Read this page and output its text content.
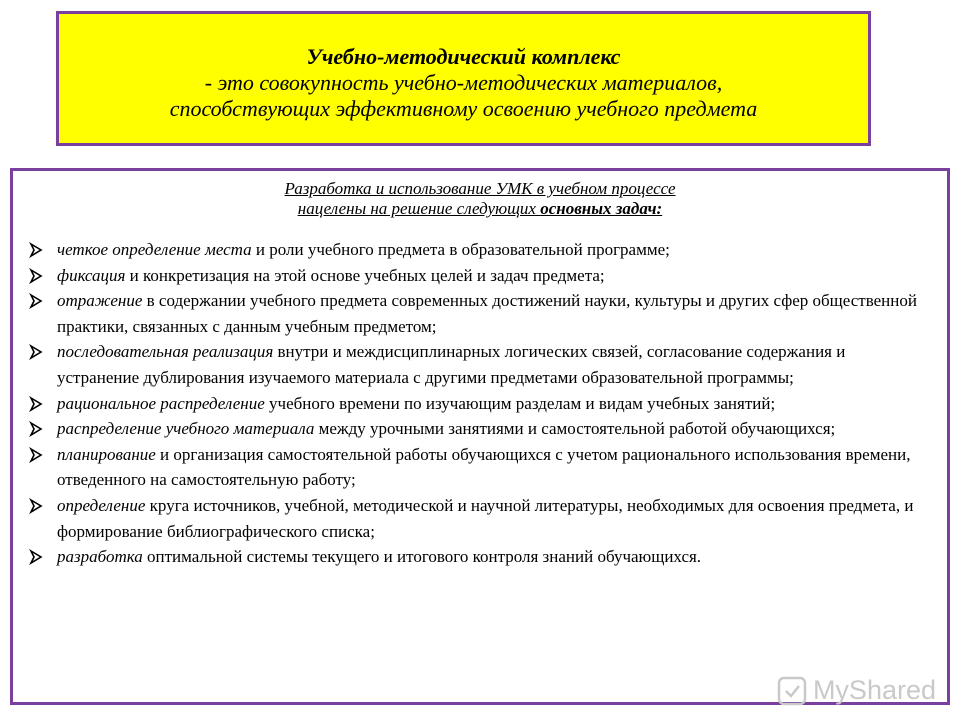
Учебно-методический комплекс
- это совокупность учебно-методических материалов,
способствующих эффективному освоению учебного предмета
Разработка и использование УМК в учебном процессе
нацелены на решение следующих основных задач:
четкое определение места и роли учебного предмета в образовательной программе;
фиксация и конкретизация на этой основе учебных целей и задач предмета;
отражение в содержании учебного предмета современных достижений науки, культуры и других сфер общественной практики, связанных с данным учебным предметом;
последовательная реализация внутри и междисциплинарных логических связей, согласование содержания и устранение дублирования изучаемого материала с другими предметами образовательной программы;
рациональное распределение учебного времени по изучающим разделам и видам учебных занятий;
распределение учебного материала между урочными занятиями и самостоятельной работой обучающихся;
планирование и организация самостоятельной работы обучающихся с учетом рационального использования времени, отведенного на самостоятельную работу;
определение круга источников, учебной, методической и научной литературы, необходимых для освоения предмета, и формирование библиографического списка;
разработка оптимальной системы текущего и итогового контроля знаний обучающихся.
MyShared
